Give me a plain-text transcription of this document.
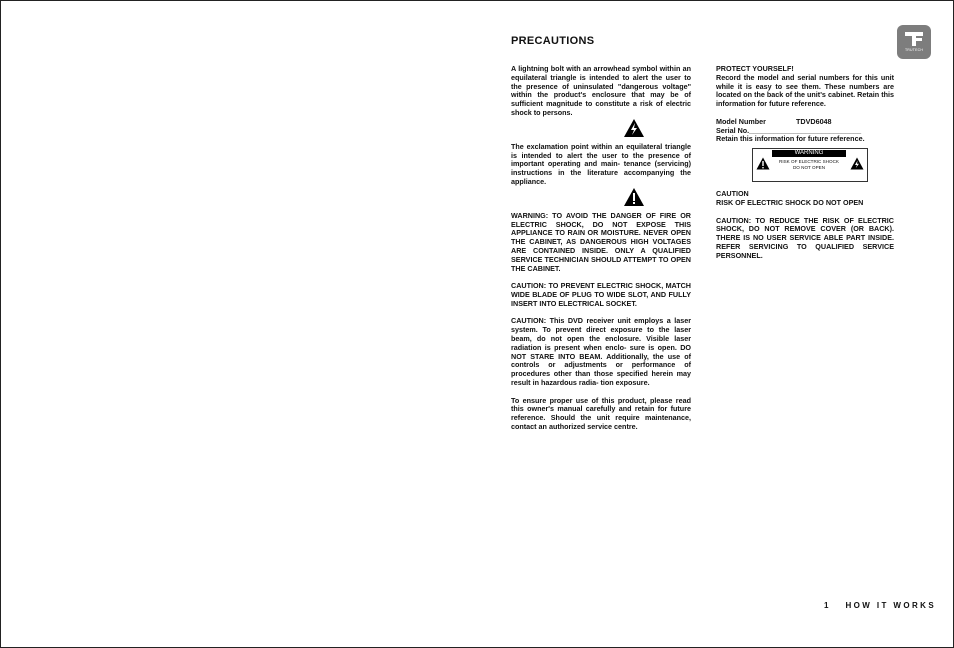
PRECAUTIONS
TRUTECH

A lightning bolt with an arrowhead symbol within an equilateral triangle is intended to alert the user to the presence of uninsulated "dangerous voltage" within the product's enclosure that may be of sufficient magnitude to constitute a risk of electric shock to persons.

The exclamation point within an equilateral triangle is intended to alert the user to the presence of important operating and main- tenance (servicing) instructions in the literature accompanying the appliance.

WARNING: TO AVOID THE DANGER OF FIRE OR ELECTRIC SHOCK, DO NOT EXPOSE THIS APPLIANCE TO RAIN OR MOISTURE. NEVER OPEN THE CABINET, AS DANGEROUS HIGH VOLTAGES ARE CONTAINED INSIDE. ONLY A QUALIFIED SERVICE TECHNICIAN SHOULD ATTEMPT TO OPEN THE CABINET.

CAUTION: TO PREVENT ELECTRIC SHOCK, MATCH WIDE BLADE OF PLUG TO WIDE SLOT, AND FULLY INSERT INTO ELECTRICAL SOCKET.

CAUTION: This DVD receiver unit employs a laser system. To prevent direct exposure to the laser beam, do not open the enclosure. Visible laser radiation is present when enclo- sure is open. DO NOT STARE INTO BEAM. Additionally, the use of controls or adjustments or performance of procedures other than those specified herein may result in hazardous radia- tion exposure.

To ensure proper use of this product, please read this owner's manual carefully and retain for future reference. Should the unit require maintenance, contact an authorized service centre.

PROTECT YOURSELF!

Record the model and serial numbers for this unit while it is easy to see them. These numbers are located on the back of the unit's cabinet. Retain this information for future reference.

Model Number	TDVD6048
Serial No. ____________________________

Retain this information for future reference.

WARNING
RISK OF ELECTRIC SHOCK
DO NOT OPEN

CAUTION

RISK OF ELECTRIC SHOCK DO NOT OPEN

CAUTION: TO REDUCE THE RISK OF ELECTRIC SHOCK, DO NOT REMOVE COVER (OR BACK). THERE IS NO USER SERVICE ABLE PART INSIDE. REFER SERVICING TO QUALIFIED SERVICE PERSONNEL.

1 HOW IT WORKS
